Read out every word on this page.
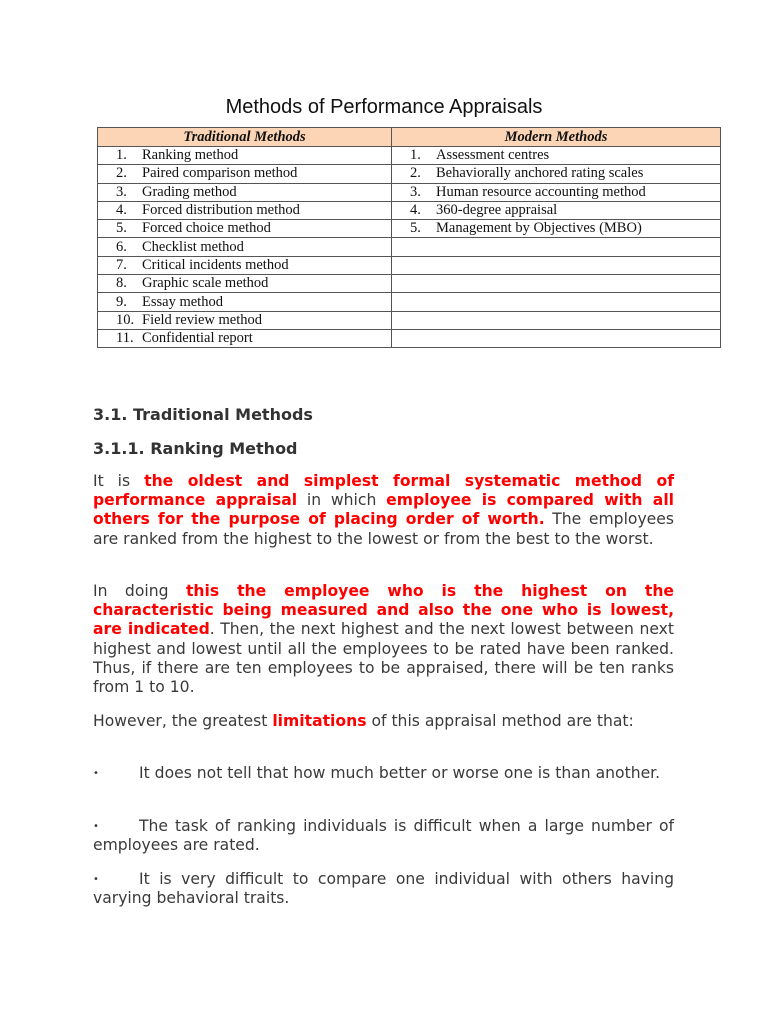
Methods of Performance Appraisals
Traditional Methods	Modern Methods
1. Ranking method	1. Assessment centres
2. Paired comparison method	2. Behaviorally anchored rating scales
3. Grading method	3. Human resource accounting method
4. Forced distribution method	4. 360-degree appraisal
5. Forced choice method	5. Management by Objectives (MBO)
6. Checklist method	
7. Critical incidents method	
8. Graphic scale method	
9. Essay method	
10. Field review method	
11. Confidential report	
3.1. Traditional Methods
3.1.1. Ranking Method

It is the oldest and simplest formal systematic method of performance appraisal in which employee is compared with all others for the purpose of placing order of worth. The employees are ranked from the highest to the lowest or from the best to the worst.

In doing this the employee who is the highest on the characteristic being measured and also the one who is lowest, are indicated. Then, the next highest and the next lowest between next highest and lowest until all the employees to be rated have been ranked. Thus, if there are ten employees to be appraised, there will be ten ranks from 1 to 10.

However, the greatest limitations of this appraisal method are that:

•	It does not tell that how much better or worse one is than another.

•	The task of ranking individuals is difficult when a large number of employees are rated.

•	It is very difficult to compare one individual with others having varying behavioral traits.
